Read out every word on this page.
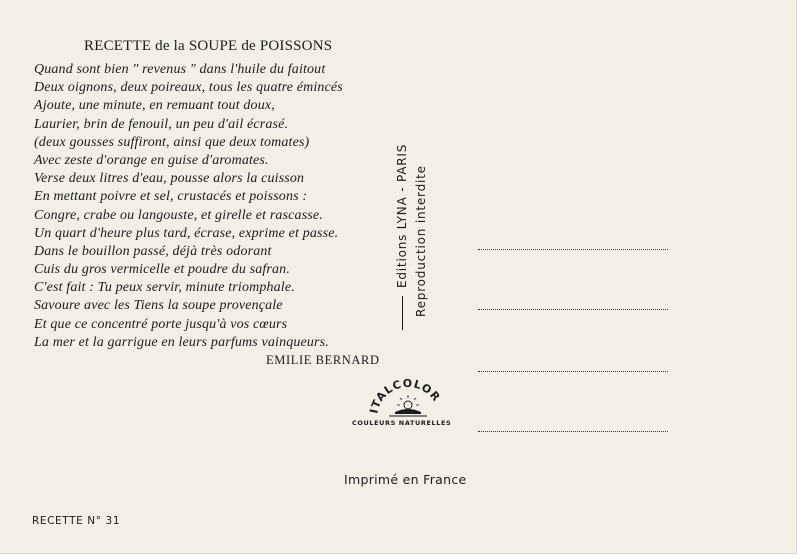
RECETTE de la SOUPE de POISSONS
Quand sont bien " revenus " dans l'huile du faitout
Deux oignons, deux poireaux, tous les quatre émincés
Ajoute, une minute, en remuant tout doux,
Laurier, brin de fenouil, un peu d'ail écrasé.
(deux gousses suffiront, ainsi que deux tomates)
Avec zeste d'orange en guise d'aromates.
Verse deux litres d'eau, pousse alors la cuisson
En mettant poivre et sel, crustacés et poissons :
Congre, crabe ou langouste, et girelle et rascasse.
Un quart d'heure plus tard, écrase, exprime et passe.
Dans le bouillon passé, déjà très odorant
Cuis du gros vermicelle et poudre du safran.
C'est fait : Tu peux servir, minute triomphale.
Savoure avec les Tiens la soupe provençale
Et que ce concentré porte jusqu'à vos cœurs
La mer et la garrigue en leurs parfums vainqueurs.
EMILIE BERNARD
Editions LYNA - PARIS Reproduction interdite
ITALCOLOR
COULEURS NATURELLES
Imprimé en France
RECETTE N° 31
